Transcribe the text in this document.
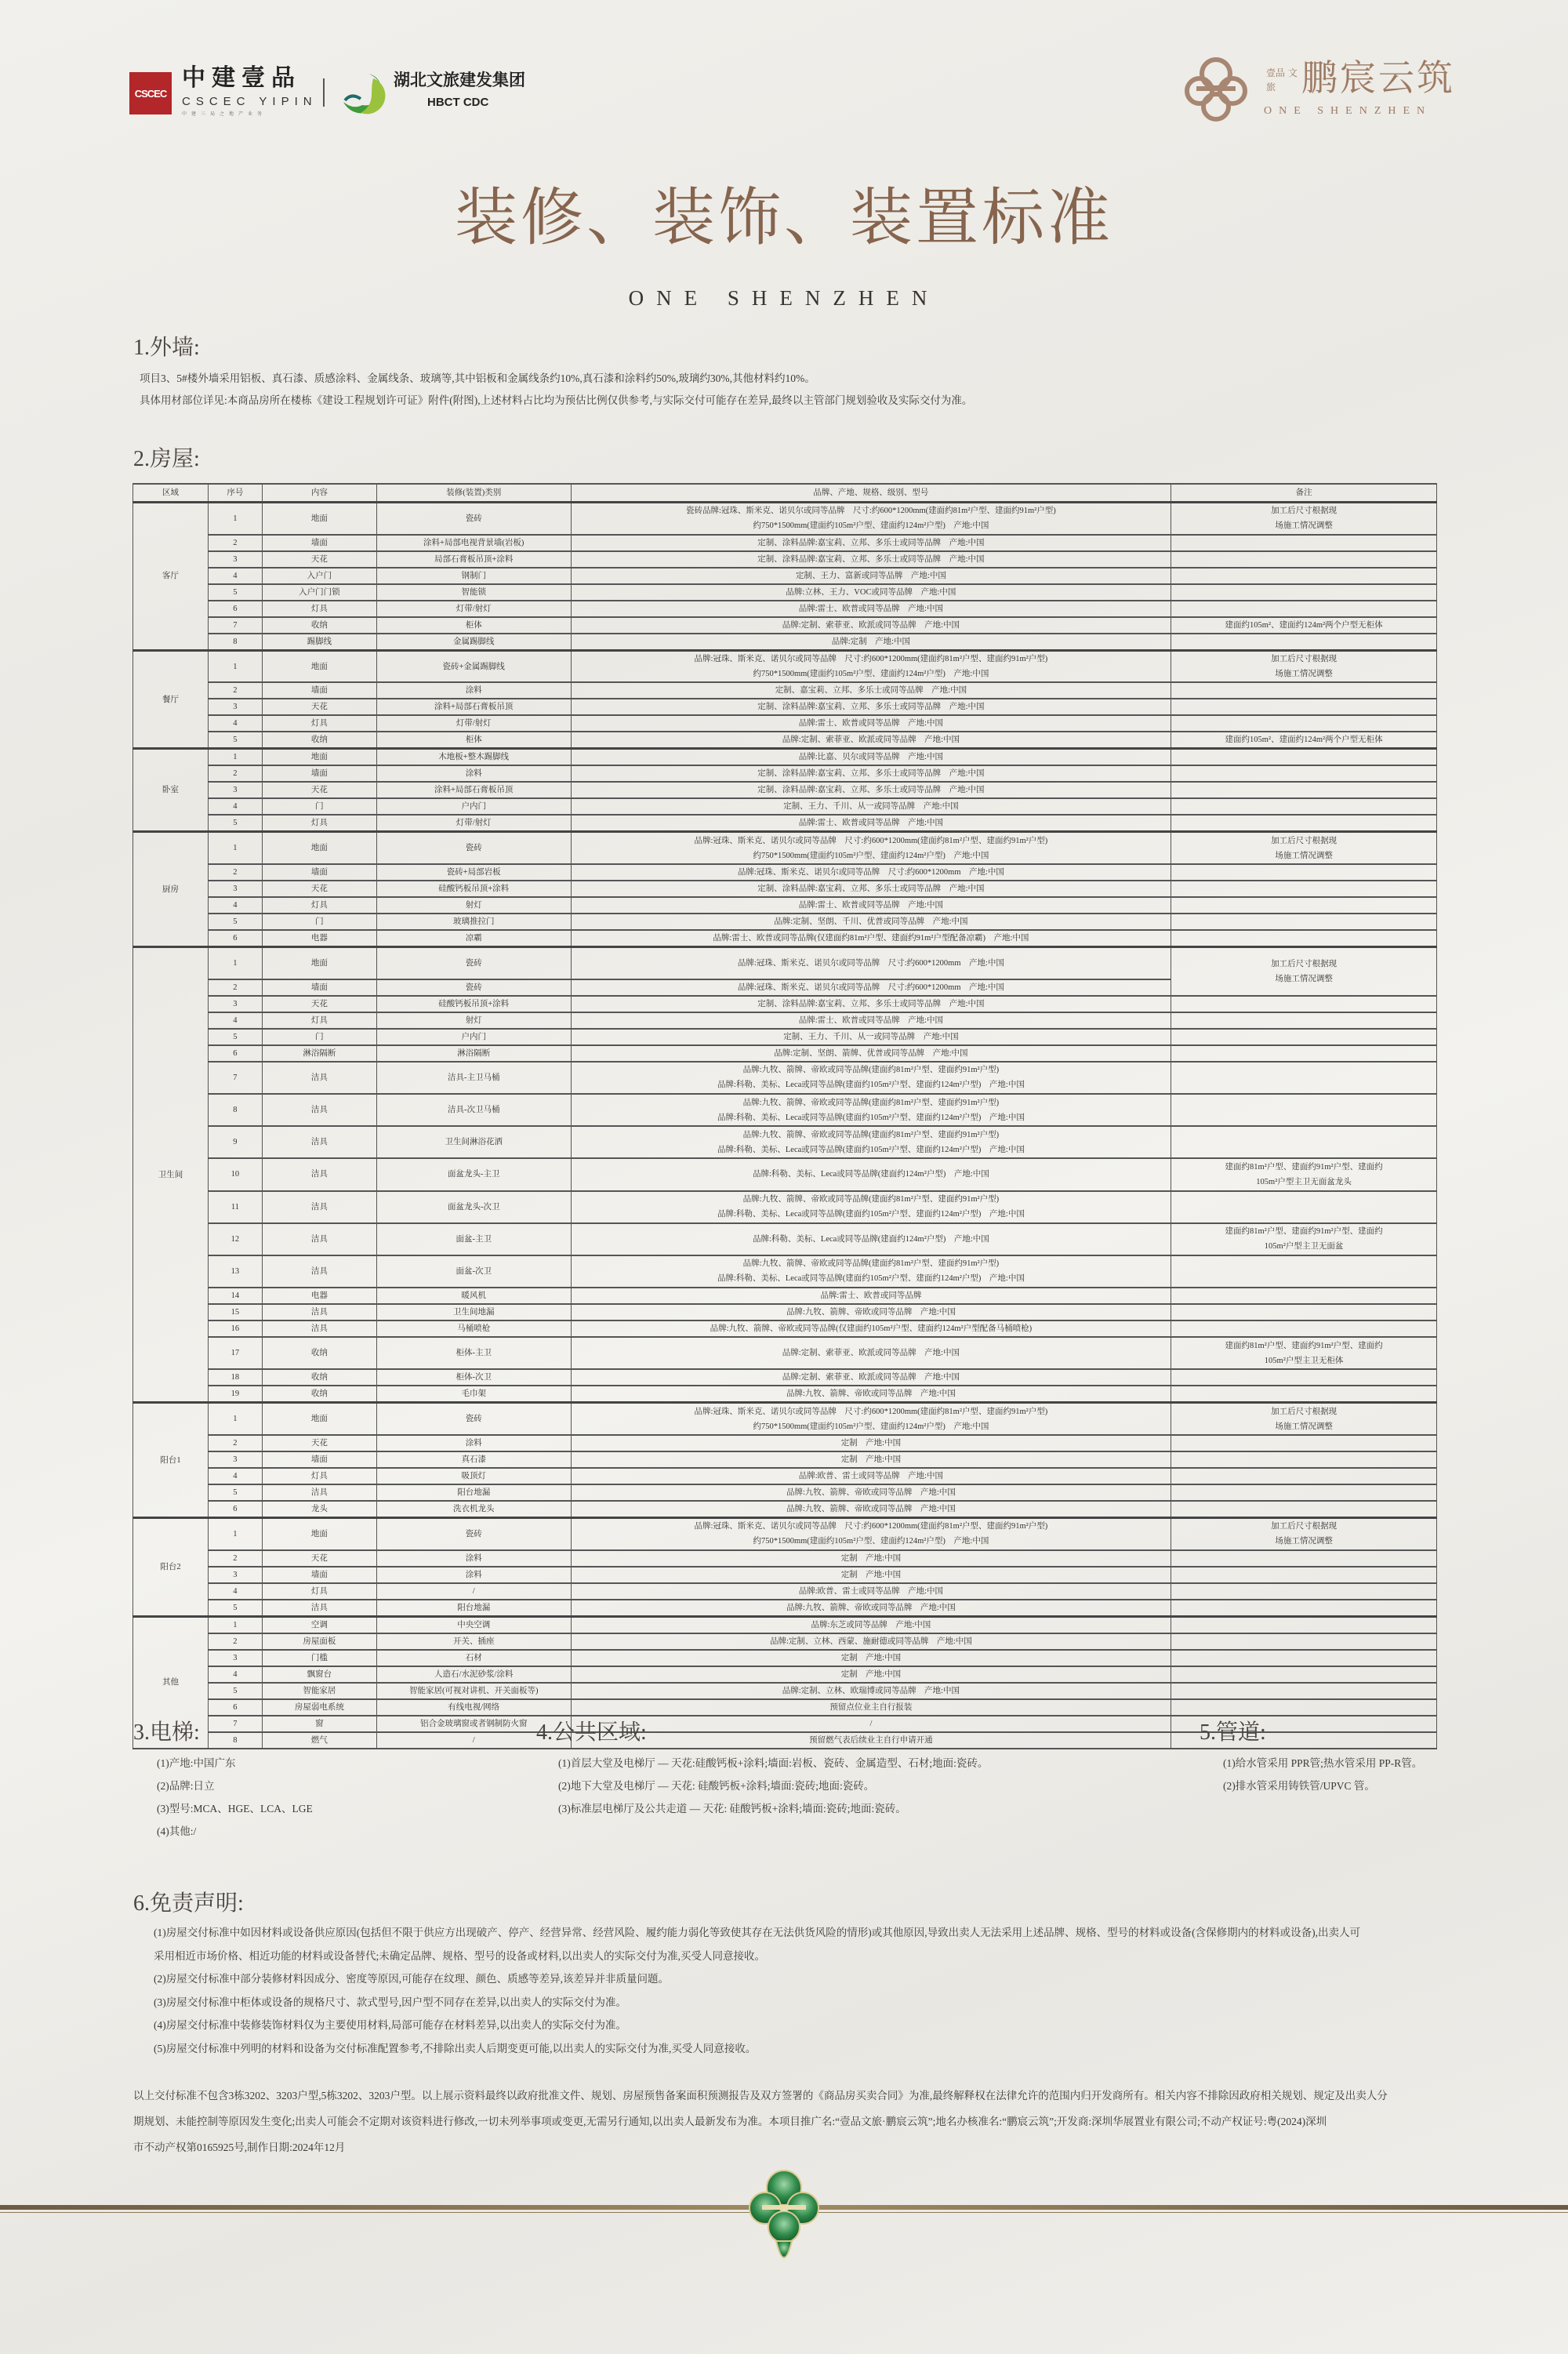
CSCEC
中建壹品
CSCEC YIPIN
中建三局之地产业务
湖北文旅建发集团
HBCT CDC
壹品 文旅 鹏宸云筑
ONE SHENZHEN
装修、装饰、装置标准
ONE SHENZHEN
1.外墙:
项目3、5#楼外墙采用铝板、真石漆、质感涂料、金属线条、玻璃等,其中铝板和金属线条约10%,真石漆和涂料约50%,玻璃约30%,其他材料约10%。
具体用材部位详见:本商品房所在楼栋《建设工程规划许可证》附件(附图),上述材料占比均为预估比例仅供参考,与实际交付可能存在差异,最终以主管部门规划验收及实际交付为准。
2.房屋:
区域	序号	内容	装修(装置)类别	品牌、产地、规格、级别、型号	备注
客厅	1	地面	瓷砖	瓷砖品牌:冠珠、斯米克、诺贝尔或同等品牌　尺寸:约600*1200mm(建面约81m²户型、建面约91m²户型)
约750*1500mm(建面约105m²户型、建面约124m²户型)　产地:中国	加工后尺寸根据现
场施工情况调整
	2	墙面	涂料+局部电视背景墙(岩板)	定制、涂料品牌:嘉宝莉、立邦、多乐士或同等品牌　产地:中国	
	3	天花	局部石膏板吊顶+涂料	定制、涂料品牌:嘉宝莉、立邦、多乐士或同等品牌　产地:中国	
	4	入户门	钢制门	定制、王力、富新或同等品牌　产地:中国	
	5	入户门门锁	智能锁	品牌:立林、王力、VOC或同等品牌　产地:中国	
	6	灯具	灯带/射灯	品牌:雷士、欧普或同等品牌　产地:中国	
	7	收纳	柜体	品牌:定制、索菲亚、欧派或同等品牌　产地:中国	建面约105m²、建面约124m²两个户型无柜体
	8	踢脚线	金属踢脚线	品牌:定制　产地:中国	
餐厅	1	地面	瓷砖+金属踢脚线	品牌:冠珠、斯米克、诺贝尔或同等品牌　尺寸:约600*1200mm(建面约81m²户型、建面约91m²户型)
约750*1500mm(建面约105m²户型、建面约124m²户型)　产地:中国	加工后尺寸根据现
场施工情况调整
	2	墙面	涂料	定制、嘉宝莉、立邦、多乐士或同等品牌　产地:中国	
	3	天花	涂料+局部石膏板吊顶	定制、涂料品牌:嘉宝莉、立邦、多乐士或同等品牌　产地:中国	
	4	灯具	灯带/射灯	品牌:雷士、欧普或同等品牌　产地:中国	
	5	收纳	柜体	品牌:定制、索菲亚、欧派或同等品牌　产地:中国	建面约105m²、建面约124m²两个户型无柜体
卧室	1	地面	木地板+整木踢脚线	品牌:比嘉、贝尔或同等品牌　产地:中国	
	2	墙面	涂料	定制、涂料品牌:嘉宝莉、立邦、多乐士或同等品牌　产地:中国	
	3	天花	涂料+局部石膏板吊顶	定制、涂料品牌:嘉宝莉、立邦、多乐士或同等品牌　产地:中国	
	4	门	户内门	定制、王力、千川、从一或同等品牌　产地:中国	
	5	灯具	灯带/射灯	品牌:雷士、欧普或同等品牌　产地:中国	
厨房	1	地面	瓷砖	品牌:冠珠、斯米克、诺贝尔或同等品牌　尺寸:约600*1200mm(建面约81m²户型、建面约91m²户型)
约750*1500mm(建面约105m²户型、建面约124m²户型)　产地:中国	加工后尺寸根据现
场施工情况调整
	2	墙面	瓷砖+局部岩板	品牌:冠珠、斯米克、诺贝尔或同等品牌　尺寸:约600*1200mm　产地:中国	
	3	天花	硅酸钙板吊顶+涂料	定制、涂料品牌:嘉宝莉、立邦、多乐士或同等品牌　产地:中国	
	4	灯具	射灯	品牌:雷士、欧普或同等品牌　产地:中国	
	5	门	玻璃推拉门	品牌:定制、坚朗、千川、优普或同等品牌　产地:中国	
	6	电器	凉霸	品牌:雷士、欧普或同等品牌(仅建面约81m²户型、建面约91m²户型配备凉霸)　产地:中国	
卫生间	1	地面	瓷砖	品牌:冠珠、斯米克、诺贝尔或同等品牌　尺寸:约600*1200mm　产地:中国	加工后尺寸根据现
场施工情况调整
	2	墙面	瓷砖	品牌:冠珠、斯米克、诺贝尔或同等品牌　尺寸:约600*1200mm　产地:中国	
	3	天花	硅酸钙板吊顶+涂料	定制、涂料品牌:嘉宝莉、立邦、多乐士或同等品牌　产地:中国	
	4	灯具	射灯	品牌:雷士、欧普或同等品牌　产地:中国	
	5	门	户内门	定制、王力、千川、从一或同等品牌　产地:中国	
	6	淋浴隔断	淋浴隔断	品牌:定制、坚朗、箭牌、优普或同等品牌　产地:中国	
	7	洁具	洁具-主卫马桶	品牌:九牧、箭牌、帝欧或同等品牌(建面约81m²户型、建面约91m²户型)
品牌:科勒、美标、Leca或同等品牌(建面约105m²户型、建面约124m²户型)　产地:中国	
	8	洁具	洁具-次卫马桶	品牌:九牧、箭牌、帝欧或同等品牌(建面约81m²户型、建面约91m²户型)
品牌:科勒、美标、Leca或同等品牌(建面约105m²户型、建面约124m²户型)　产地:中国	
	9	洁具	卫生间淋浴花洒	品牌:九牧、箭牌、帝欧或同等品牌(建面约81m²户型、建面约91m²户型)
品牌:科勒、美标、Leca或同等品牌(建面约105m²户型、建面约124m²户型)　产地:中国	
	10	洁具	面盆龙头-主卫	品牌:科勒、美标、Leca或同等品牌(建面约124m²户型)　产地:中国	建面约81m²户型、建面约91m²户型、建面约
105m²户型主卫无面盆龙头
	11	洁具	面盆龙头-次卫	品牌:九牧、箭牌、帝欧或同等品牌(建面约81m²户型、建面约91m²户型)
品牌:科勒、美标、Leca或同等品牌(建面约105m²户型、建面约124m²户型)　产地:中国	
	12	洁具	面盆-主卫	品牌:科勒、美标、Leca或同等品牌(建面约124m²户型)　产地:中国	建面约81m²户型、建面约91m²户型、建面约
105m²户型主卫无面盆
	13	洁具	面盆-次卫	品牌:九牧、箭牌、帝欧或同等品牌(建面约81m²户型、建面约91m²户型)
品牌:科勒、美标、Leca或同等品牌(建面约105m²户型、建面约124m²户型)　产地:中国	
	14	电器	暖风机	品牌:雷士、欧普或同等品牌	
	15	洁具	卫生间地漏	品牌:九牧、箭牌、帝欧或同等品牌　产地:中国	
	16	洁具	马桶喷枪	品牌:九牧、箭牌、帝欧或同等品牌(仅建面约105m²户型、建面约124m²户型配备马桶喷枪)	
	17	收纳	柜体-主卫	品牌:定制、索菲亚、欧派或同等品牌　产地:中国	建面约81m²户型、建面约91m²户型、建面约
105m²户型主卫无柜体
	18	收纳	柜体-次卫	品牌:定制、索菲亚、欧派或同等品牌　产地:中国	
	19	收纳	毛巾架	品牌:九牧、箭牌、帝欧或同等品牌　产地:中国	
阳台1	1	地面	瓷砖	品牌:冠珠、斯米克、诺贝尔或同等品牌　尺寸:约600*1200mm(建面约81m²户型、建面约91m²户型)
约750*1500mm(建面约105m²户型、建面约124m²户型)　产地:中国	加工后尺寸根据现
场施工情况调整
	2	天花	涂料	定制　产地:中国	
	3	墙面	真石漆	定制　产地:中国	
	4	灯具	吸顶灯	品牌:欧普、雷士或同等品牌　产地:中国	
	5	洁具	阳台地漏	品牌:九牧、箭牌、帝欧或同等品牌　产地:中国	
	6	龙头	洗衣机龙头	品牌:九牧、箭牌、帝欧或同等品牌　产地:中国	
阳台2	1	地面	瓷砖	品牌:冠珠、斯米克、诺贝尔或同等品牌　尺寸:约600*1200mm(建面约81m²户型、建面约91m²户型)
约750*1500mm(建面约105m²户型、建面约124m²户型)　产地:中国	加工后尺寸根据现
场施工情况调整
	2	天花	涂料	定制　产地:中国	
	3	墙面	涂料	定制　产地:中国	
	4	灯具	/	品牌:欧普、雷士或同等品牌　产地:中国	
	5	洁具	阳台地漏	品牌:九牧、箭牌、帝欧或同等品牌　产地:中国	
其他	1	空调	中央空调	品牌:东芝或同等品牌　产地:中国	
	2	房屋面板	开关、插座	品牌:定制、立林、西蒙、施耐德或同等品牌　产地:中国	
	3	门槛	石材	定制　产地:中国	
	4	飘窗台	人造石/水泥砂浆/涂料	定制　产地:中国	
	5	智能家居	智能家居(可视对讲机、开关面板等)	品牌:定制、立林、欧瑞博或同等品牌　产地:中国	
	6	房屋弱电系统	有线电视/网络	预留点位业主自行报装	
	7	窗	铝合金玻璃窗或者钢制防火窗	/	
	8	燃气	/	预留燃气表后续业主自行申请开通	
3.电梯:
(1)产地:中国广东
(2)品牌:日立
(3)型号:MCA、HGE、LCA、LGE
(4)其他:/
4.公共区域:
(1)首层大堂及电梯厅 — 天花:硅酸钙板+涂料;墙面:岩板、瓷砖、金属造型、石材;地面:瓷砖。
(2)地下大堂及电梯厅 — 天花: 硅酸钙板+涂料;墙面:瓷砖;地面:瓷砖。
(3)标准层电梯厅及公共走道 — 天花: 硅酸钙板+涂料;墙面:瓷砖;地面:瓷砖。
5.管道:
(1)给水管采用 PPR管;热水管采用 PP-R管。
(2)排水管采用铸铁管/UPVC 管。
6.免责声明:
(1)房屋交付标准中如因材料或设备供应原因(包括但不限于供应方出现破产、停产、经营异常、经营风险、履约能力弱化等致使其存在无法供货风险的情形)或其他原因,导致出卖人无法采用上述品牌、规格、型号的材料或设备(含保修期内的材料或设备),出卖人可
采用相近市场价格、相近功能的材料或设备替代;未确定品牌、规格、型号的设备或材料,以出卖人的实际交付为准,买受人同意接收。
(2)房屋交付标准中部分装修材料因成分、密度等原因,可能存在纹理、颜色、质感等差异,该差异并非质量问题。
(3)房屋交付标准中柜体或设备的规格尺寸、款式型号,因户型不同存在差异,以出卖人的实际交付为准。
(4)房屋交付标准中装修装饰材料仅为主要使用材料,局部可能存在材料差异,以出卖人的实际交付为准。
(5)房屋交付标准中列明的材料和设备为交付标准配置参考,不排除出卖人后期变更可能,以出卖人的实际交付为准,买受人同意接收。
以上交付标准不包含3栋3202、3203户型,5栋3202、3203户型。以上展示资料最终以政府批准文件、规划、房屋预售备案面积预测报告及双方签署的《商品房买卖合同》为准,最终解释权在法律允许的范围内归开发商所有。相关内容不排除因政府相关规划、规定及出卖人分
期规划、未能控制等原因发生变化;出卖人可能会不定期对该资料进行修改,一切未列举事项或变更,无需另行通知,以出卖人最新发布为准。本项目推广名:“壹品文旅·鹏宸云筑”;地名办核准名:“鹏宸云筑”;开发商:深圳华展置业有限公司;不动产权证号:粤(2024)深圳
市不动产权第0165925号,制作日期:2024年12月
